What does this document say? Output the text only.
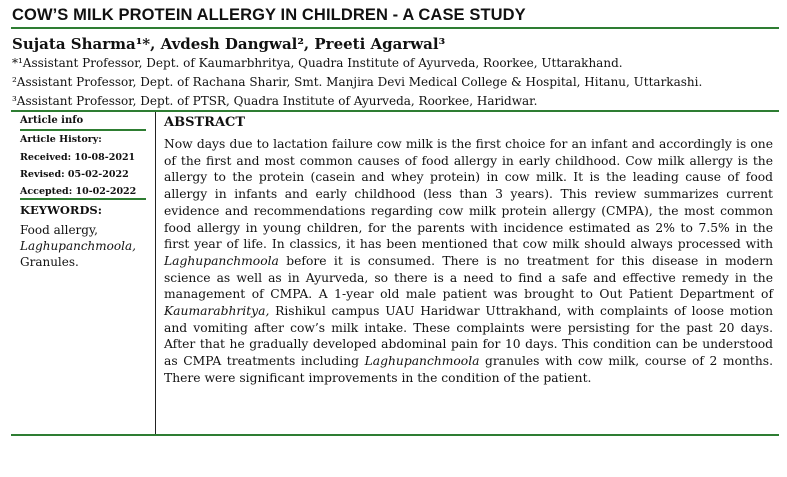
COW’S MILK PROTEIN ALLERGY IN CHILDREN - A CASE STUDY
Sujata Sharma¹*, Avdesh Dangwal², Preeti Agarwal³
*¹Assistant Professor, Dept. of Kaumarbhritya, Quadra Institute of Ayurveda, Roorkee, Uttarakhand.
²Assistant Professor, Dept. of Rachana Sharir, Smt. Manjira Devi Medical College & Hospital, Hitanu, Uttarkashi.
³Assistant Professor, Dept. of PTSR, Quadra Institute of Ayurveda, Roorkee, Haridwar.
Article info
Article History:
Received: 10-08-2021
Revised: 05-02-2022
Accepted: 10-02-2022
KEYWORDS:
Food allergy,
Laghupanchmoola,
Granules.
ABSTRACT
Now days due to lactation failure cow milk is the first choice for an infant and accordingly is one of the first and most common causes of food allergy in early childhood. Cow milk allergy is the allergy to the protein (casein and whey protein) in cow milk. It is the leading cause of food allergy in infants and early childhood (less than 3 years). This review summarizes current evidence and recommendations regarding cow milk protein allergy (CMPA), the most common food allergy in young children, for the parents with incidence estimated as 2% to 7.5% in the first year of life. In classics, it has been mentioned that cow milk should always processed with Laghupanchmoola before it is consumed. There is no treatment for this disease in modern science as well as in Ayurveda, so there is a need to find a safe and effective remedy in the management of CMPA. A 1-year old male patient was brought to Out Patient Department of Kaumarabhritya, Rishikul campus UAU Haridwar Uttrakhand, with complaints of loose motion and vomiting after cow’s milk intake. These complaints were persisting for the past 20 days. After that he gradually developed abdominal pain for 10 days. This condition can be understood as CMPA treatments including Laghupanchmoola granules with cow milk, course of 2 months. There were significant improvements in the condition of the patient.
